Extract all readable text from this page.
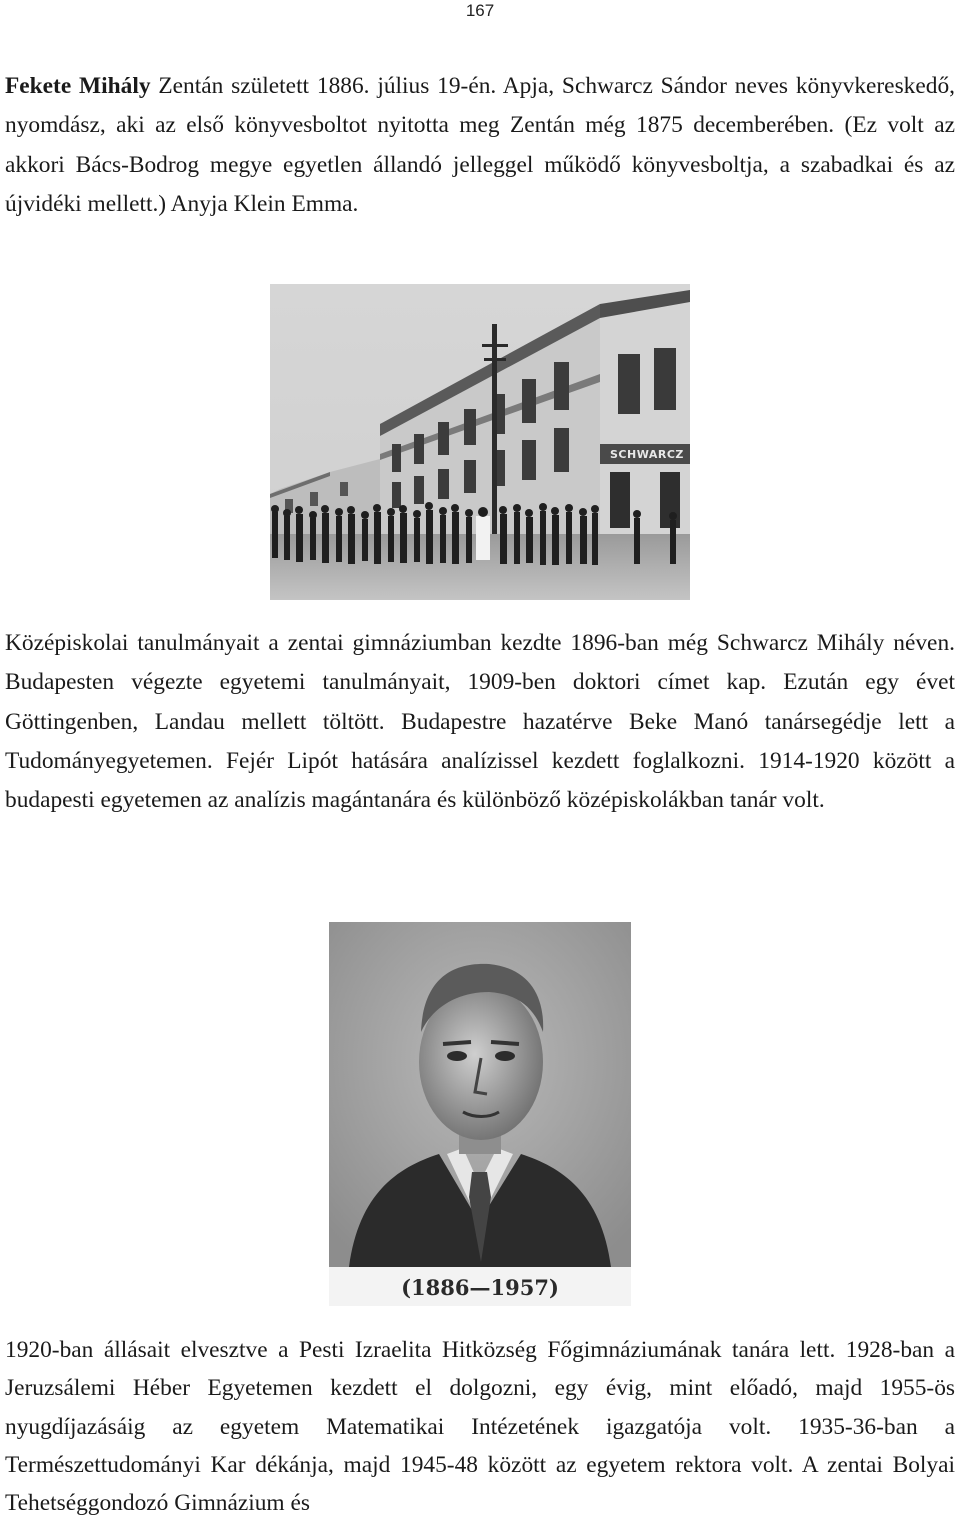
167

Fekete Mihály Zentán született 1886. július 19-én. Apja, Schwarcz Sándor neves könyvkereskedő, nyomdász, aki az első könyvesboltot nyitotta meg Zentán még 1875 decemberében. (Ez volt az akkori Bács-Bodrog megye egyetlen állandó jelleggel működő könyvesboltja, a szabadkai és az újvidéki mellett.) Anyja Klein Emma.

SCHWARCZ

Középiskolai tanulmányait a zentai gimnáziumban kezdte 1896-ban még Schwarcz Mihály néven. Budapesten végezte egyetemi tanulmányait, 1909-ben doktori címet kap. Ezután egy évet Göttingenben, Landau mellett töltött. Budapestre hazatérve Beke Manó tanársegédje lett a Tudományegyetemen. Fejér Lipót hatására analízissel kezdett foglalkozni. 1914-1920 között a budapesti egyetemen az analízis magántanára és különböző középiskolákban tanár volt.

(1886—1957)

1920-ban állásait elvesztve a Pesti Izraelita Hitközség Főgimnáziumának tanára lett. 1928-ban a Jeruzsálemi Héber Egyetemen kezdett el dolgozni, egy évig, mint előadó, majd 1955-ös nyugdíjazásáig az egyetem Matematikai Intézetének igazgatója volt. 1935-36-ban a Természettudományi Kar dékánja, majd 1945-48 között az egyetem rektora volt. A zentai Bolyai Tehetséggondozó Gimnázium és
